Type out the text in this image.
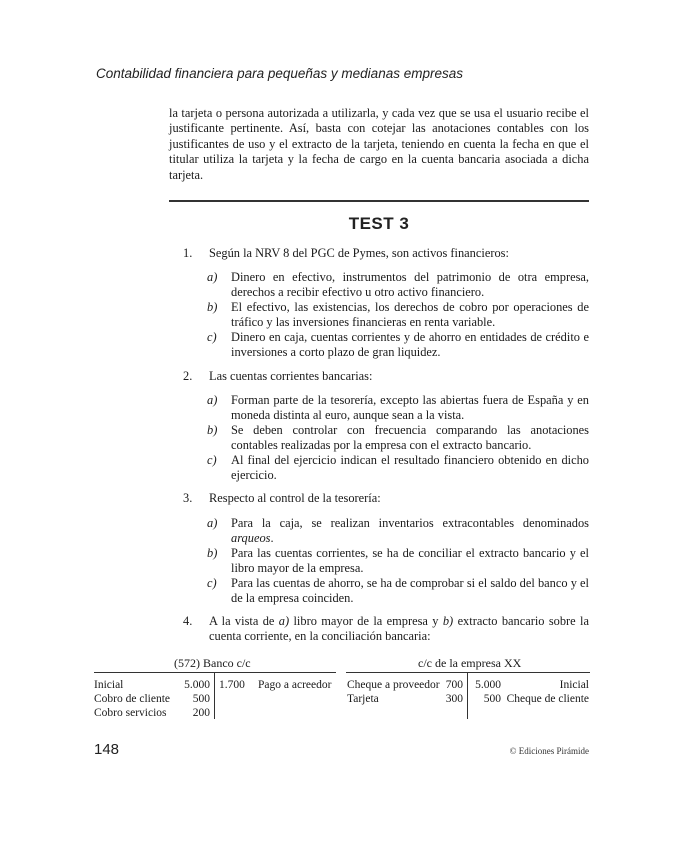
Contabilidad financiera para pequeñas y medianas empresas

la tarjeta o persona autorizada a utilizarla, y cada vez que se usa el usuario recibe el justificante pertinente. Así, basta con cotejar las anotaciones contables con los justificantes de uso y el extracto de la tarjeta, teniendo en cuenta la fecha en que el titular utiliza la tarjeta y la fecha de cargo en la cuenta bancaria asociada a dicha tarjeta.

TEST 3
1.	Según la NRV 8 del PGC de Pymes, son activos financieros:
a) Dinero en efectivo, instrumentos del patrimonio de otra empresa, derechos a recibir efectivo u otro activo financiero.
b) El efectivo, las existencias, los derechos de cobro por operaciones de tráfico y las inversiones financieras en renta variable.
c) Dinero en caja, cuentas corrientes y de ahorro en entidades de crédito e inversiones a corto plazo de gran liquidez.
2.	Las cuentas corrientes bancarias:
a) Forman parte de la tesorería, excepto las abiertas fuera de España y en moneda distinta al euro, aunque sean a la vista.
b) Se deben controlar con frecuencia comparando las anotaciones contables realizadas por la empresa con el extracto bancario.
c) Al final del ejercicio indican el resultado financiero obtenido en dicho ejercicio.
3.	Respecto al control de la tesorería:
a) Para la caja, se realizan inventarios extracontables denominados arqueos.
b) Para las cuentas corrientes, se ha de conciliar el extracto bancario y el libro mayor de la empresa.
c) Para las cuentas de ahorro, se ha de comprobar si el saldo del banco y el de la empresa coinciden.
4.	A la vista de a) libro mayor de la empresa y b) extracto bancario sobre la cuenta corriente, en la conciliación bancaria:
(572) Banco c/c
Inicial	5.000
Cobro de cliente	500
Cobro servicios	200
1.700 Pago a acreedor
c/c de la empresa XX
Cheque a proveedor 700
Tarjeta	300
5.000	Inicial
500 Cheque de cliente
148	© Ediciones Pirámide
